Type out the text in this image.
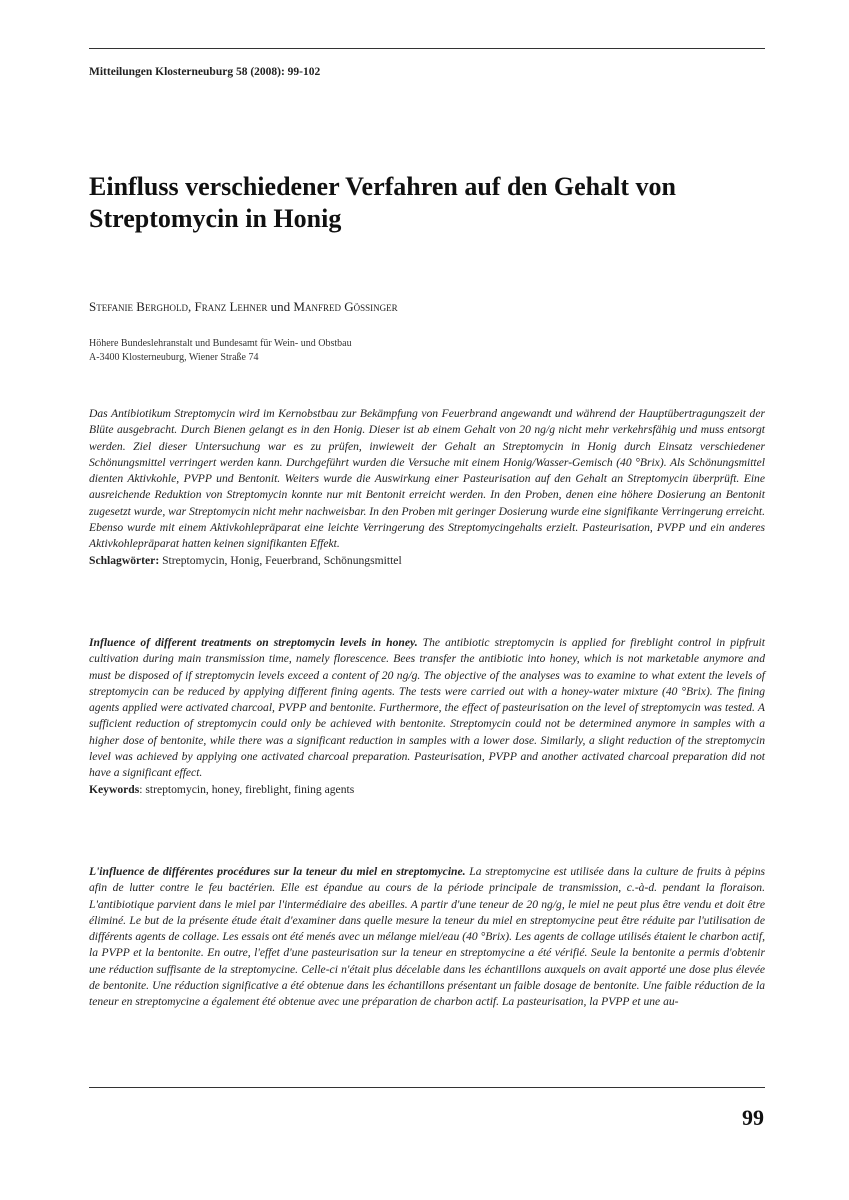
Mitteilungen Klosterneuburg 58 (2008): 99-102
Einfluss verschiedener Verfahren auf den Gehalt von
Streptomycin in Honig
Stefanie Berghold, Franz Lehner und Manfred Gössinger
Höhere Bundeslehranstalt und Bundesamt für Wein- und Obstbau
A-3400 Klosterneuburg, Wiener Straße 74

Das Antibiotikum Streptomycin wird im Kernobstbau zur Bekämpfung von Feuerbrand angewandt und während der Hauptübertragungszeit der Blüte ausgebracht. Durch Bienen gelangt es in den Honig. Dieser ist ab einem Gehalt von 20 ng/g nicht mehr verkehrsfähig und muss entsorgt werden. Ziel dieser Untersuchung war es zu prüfen, inwieweit der Gehalt an Streptomycin in Honig durch Einsatz verschiedener Schönungsmittel verringert werden kann. Durchgeführt wurden die Versuche mit einem Honig/Wasser-Gemisch (40 °Brix). Als Schönungsmittel dienten Aktivkohle, PVPP und Bentonit. Weiters wurde die Auswirkung einer Pasteurisation auf den Gehalt an Streptomycin überprüft. Eine ausreichende Reduktion von Streptomycin konnte nur mit Bentonit erreicht werden. In den Proben, denen eine höhere Dosierung an Bentonit zugesetzt wurde, war Streptomycin nicht mehr nachweisbar. In den Proben mit geringer Dosierung wurde eine signifikante Verringerung erreicht. Ebenso wurde mit einem Aktivkohlepräparat eine leichte Verringerung des Streptomycingehalts erzielt. Pasteurisation, PVPP und ein anderes Aktivkohlepräparat hatten keinen signifikanten Effekt.

Schlagwörter: Streptomycin, Honig, Feuerbrand, Schönungsmittel

Influence of different treatments on streptomycin levels in honey. The antibiotic streptomycin is applied for fireblight control in pipfruit cultivation during main transmission time, namely florescence. Bees transfer the antibiotic into honey, which is not marketable anymore and must be disposed of if streptomycin levels exceed a content of 20 ng/g. The objective of the analyses was to examine to what extent the levels of streptomycin can be reduced by applying different fining agents. The tests were carried out with a honey-water mixture (40 °Brix). The fining agents applied were activated charcoal, PVPP and bentonite. Furthermore, the effect of pasteurisation on the level of streptomycin was tested. A sufficient reduction of streptomycin could only be achieved with bentonite. Streptomycin could not be determined anymore in samples with a higher dose of bentonite, while there was a significant reduction in samples with a lower dose. Similarly, a slight reduction of the streptomycin level was achieved by applying one activated charcoal preparation. Pasteurisation, PVPP and another activated charcoal preparation did not have a significant effect.

Keywords: streptomycin, honey, fireblight, fining agents

L'influence de différentes procédures sur la teneur du miel en streptomycine. La streptomycine est utilisée dans la culture de fruits à pépins afin de lutter contre le feu bactérien. Elle est épandue au cours de la période principale de transmission, c.-à-d. pendant la floraison. L'antibiotique parvient dans le miel par l'intermédiaire des abeilles. A partir d'une teneur de 20 ng/g, le miel ne peut plus être vendu et doit être éliminé. Le but de la présente étude était d'examiner dans quelle mesure la teneur du miel en streptomycine peut être réduite par l'utilisation de différents agents de collage. Les essais ont été menés avec un mélange miel/eau (40 °Brix). Les agents de collage utilisés étaient le charbon actif, la PVPP et la bentonite. En outre, l'effet d'une pasteurisation sur la teneur en streptomycine a été vérifié. Seule la bentonite a permis d'obtenir une réduction suffisante de la streptomycine. Celle-ci n'était plus décelable dans les échantillons auxquels on avait apporté une dose plus élevée de bentonite. Une réduction significative a été obtenue dans les échantillons présentant un faible dosage de bentonite. Une faible réduction de la teneur en streptomycine a également été obtenue avec une préparation de charbon actif. La pasteurisation, la PVPP et une au-

99
